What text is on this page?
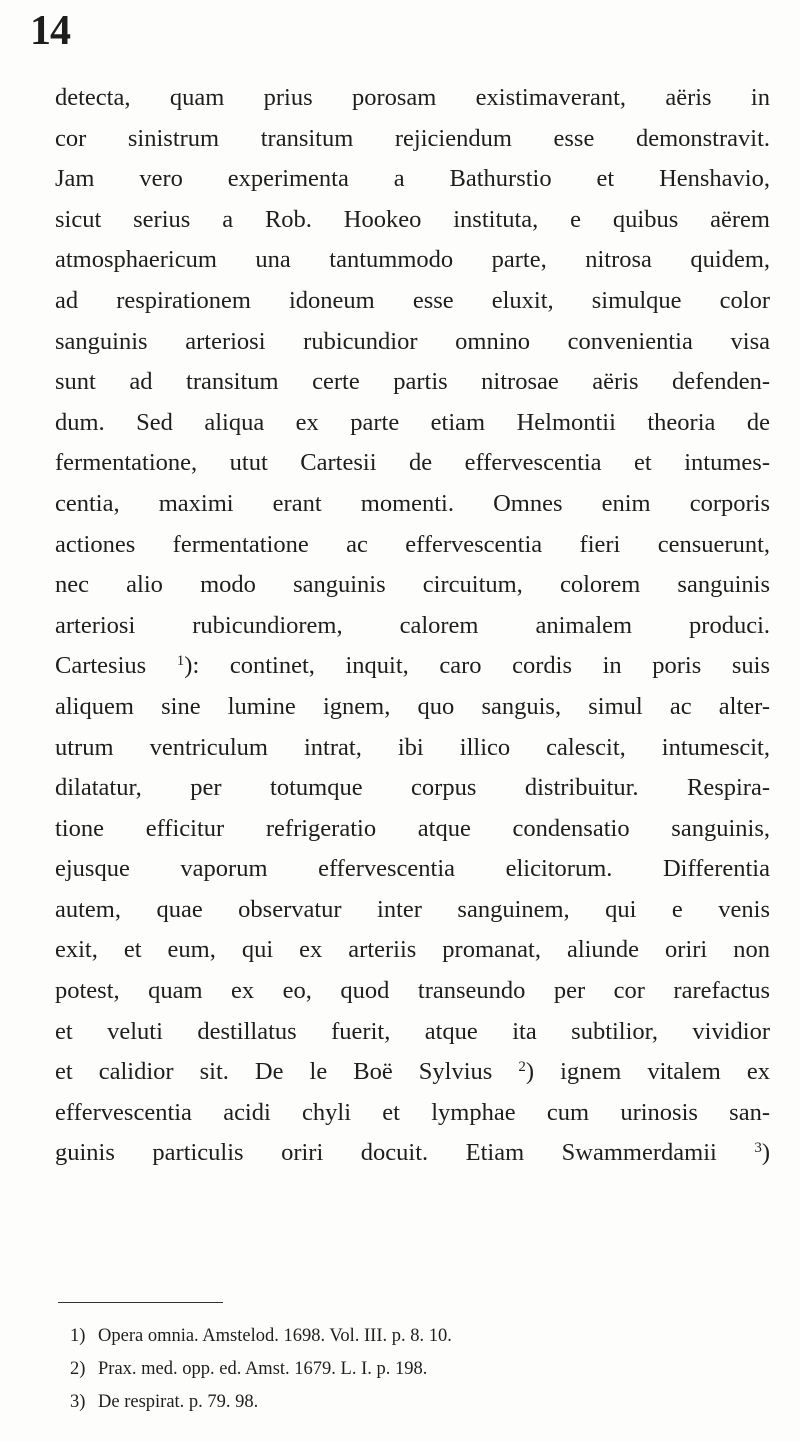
14
detecta, quam prius porosam existimaverant, aëris in
cor sinistrum transitum rejiciendum esse demonstravit.
Jam vero experimenta a Bathurstio et Henshavio,
sicut serius a Rob. Hookeo instituta, e quibus aërem
atmosphaericum una tantummodo parte, nitrosa quidem,
ad respirationem idoneum esse eluxit, simulque color
sanguinis arteriosi rubicundior omnino convenientia visa
sunt ad transitum certe partis nitrosae aëris defenden-
dum. Sed aliqua ex parte etiam Helmontii theoria de
fermentatione, utut Cartesii de effervescentia et intumes-
centia, maximi erant momenti. Omnes enim corporis
actiones fermentatione ac effervescentia fieri censuerunt,
nec alio modo sanguinis circuitum, colorem sanguinis
arteriosi rubicundiorem, calorem animalem produci.
Cartesius $^1$): continet, inquit, caro cordis in poris suis
aliquem sine lumine ignem, quo sanguis, simul ac alter-
utrum ventriculum intrat, ibi illico calescit, intumescit,
dilatatur, per totumque corpus distribuitur. Respira-
tione efficitur refrigeratio atque condensatio sanguinis,
ejusque vaporum effervescentia elicitorum. Differentia
autem, quae observatur inter sanguinem, qui e venis
exit, et eum, qui ex arteriis promanat, aliunde oriri non
potest, quam ex eo, quod transeundo per cor rarefactus
et veluti destillatus fuerit, atque ita subtilior, vividior
et calidior sit. De le Boë Sylvius $^2$) ignem vitalem ex
effervescentia acidi chyli et lymphae cum urinosis san-
guinis particulis oriri docuit. Etiam Swammerdamii	$^3$)
1) Opera omnia. Amstelod. 1698. Vol. III. p. 8. 10.
2) Prax. med. opp. ed. Amst. 1679. L. I. p. 198.
3) De respirat. p. 79. 98.
